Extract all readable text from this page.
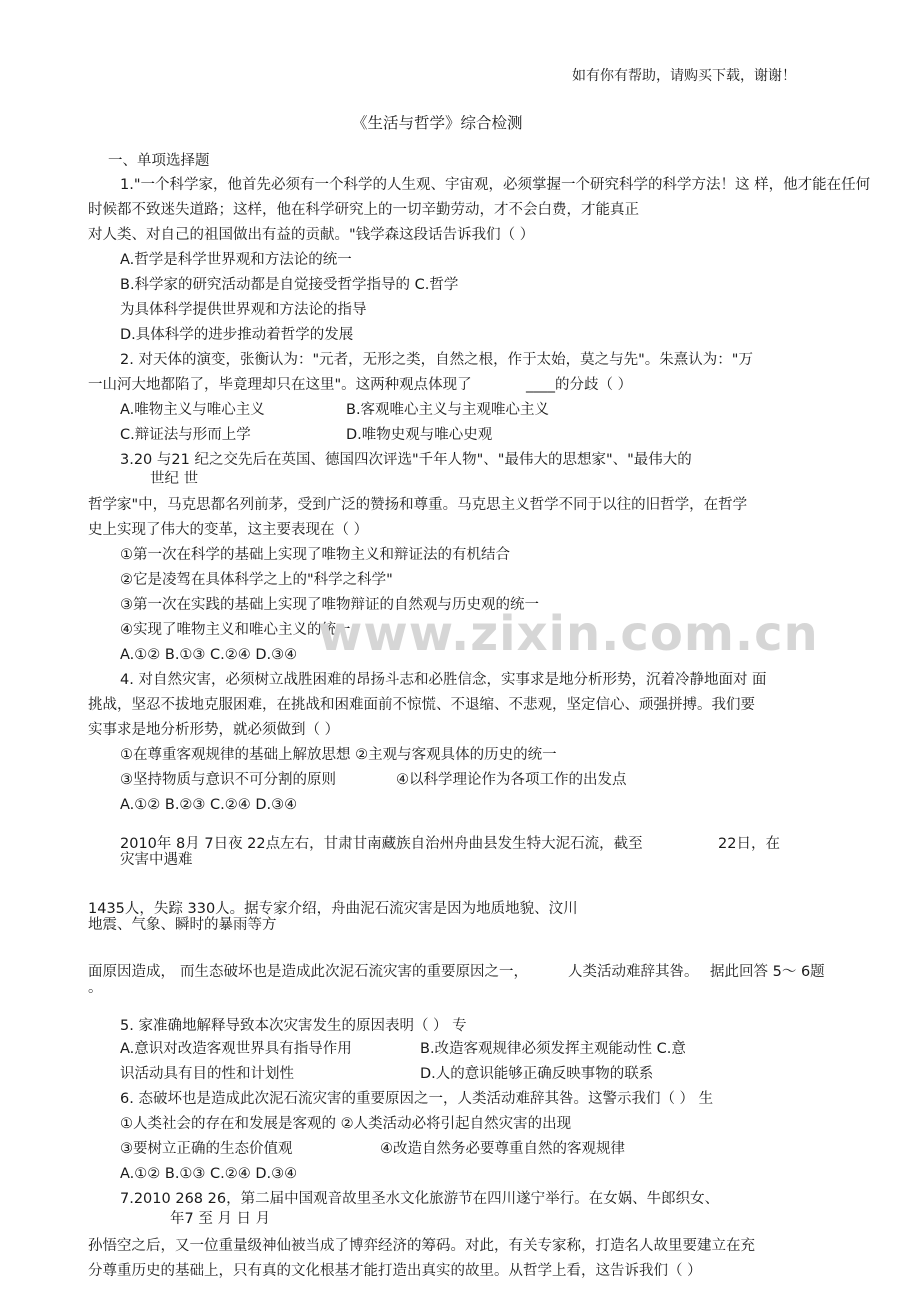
如有你有帮助，请购买下载，谢谢！
《生活与哲学》综合检测
一、单项选择题
1."一个科学家，他首先必须有一个科学的人生观、宇宙观，必须掌握一个研究科学的科学方法！这 样，他才能在任何
时候都不致迷失道路；这样，他在科学研究上的一切辛勤劳动，才不会白费，才能真正
对人类、对自己的祖国做出有益的贡献。"钱学森这段话告诉我们（ ）
A.哲学是科学世界观和方法论的统一
B.科学家的研究活动都是自觉接受哲学指导的 C.哲学
为具体科学提供世界观和方法论的指导
D.具体科学的进步推动着哲学的发展
2. 对天体的演变，张衡认为："元者，无形之类，自然之根，作于太始，莫之与先"。朱熹认为："万
一山河大地都陷了，毕竟理却只在这里"。这两种观点体现了	____的分歧（ ）
A.唯物主义与唯心主义	B.客观唯心主义与主观唯心主义
C.辩证法与形而上学	D.唯物史观与唯心史观
3.20 与21 纪之交先后在英国、德国四次评选"千年人物"、"最伟大的思想家"、"最伟大的
世纪 世
哲学家"中，马克思都名列前茅，受到广泛的赞扬和尊重。马克思主义哲学不同于以往的旧哲学，在哲学
史上实现了伟大的变革，这主要表现在（ ）
①第一次在科学的基础上实现了唯物主义和辩证法的有机结合
②它是凌驾在具体科学之上的"科学之科学"
③第一次在实践的基础上实现了唯物辩证的自然观与历史观的统一
④实现了唯物主义和唯心主义的统一
A.①② B.①③ C.②④ D.③④
4. 对自然灾害，必须树立战胜困难的昂扬斗志和必胜信念，实事求是地分析形势，沉着冷静地面对 面
挑战，坚忍不拔地克服困难，在挑战和困难面前不惊慌、不退缩、不悲观，坚定信心、顽强拼搏。我们要
实事求是地分析形势，就必须做到（ ）
①在尊重客观规律的基础上解放思想 ②主观与客观具体的历史的统一
③坚持物质与意识不可分割的原则	④以科学理论作为各项工作的出发点
A.①② B.②③ C.②④ D.③④
2010年 8月 7日夜 22点左右，甘肃甘南藏族自治州舟曲县发生特大泥石流，截至	22日，在
灾害中遇难
1435人，失踪 330人。据专家介绍，舟曲泥石流灾害是因为地质地貌、汶川
地震、气象、瞬时的暴雨等方
面原因造成， 而生态破坏也是造成此次泥石流灾害的重要原因之一，	人类活动难辞其咎。 据此回答 5～ 6题
。
5. 家准确地解释导致本次灾害发生的原因表明（ ） 专
A.意识对改造客观世界具有指导作用	B.改造客观规律必须发挥主观能动性 C.意
识活动具有目的性和计划性	D.人的意识能够正确反映事物的联系
6. 态破坏也是造成此次泥石流灾害的重要原因之一，人类活动难辞其咎。这警示我们（ ） 生
①人类社会的存在和发展是客观的 ②人类活动必将引起自然灾害的出现
③要树立正确的生态价值观	④改造自然务必要尊重自然的客观规律
A.①② B.①③ C.②④ D.③④
7.2010 268 26，第二届中国观音故里圣水文化旅游节在四川遂宁举行。在女娲、牛郎织女、
年7 至 月 日 月
孙悟空之后，又一位重量级神仙被当成了博弈经济的筹码。对此，有关专家称，打造名人故里要建立在充
分尊重历史的基础上，只有真的文化根基才能打造出真实的故里。从哲学上看，这告诉我们（ ）
www.zixin.com.cn
